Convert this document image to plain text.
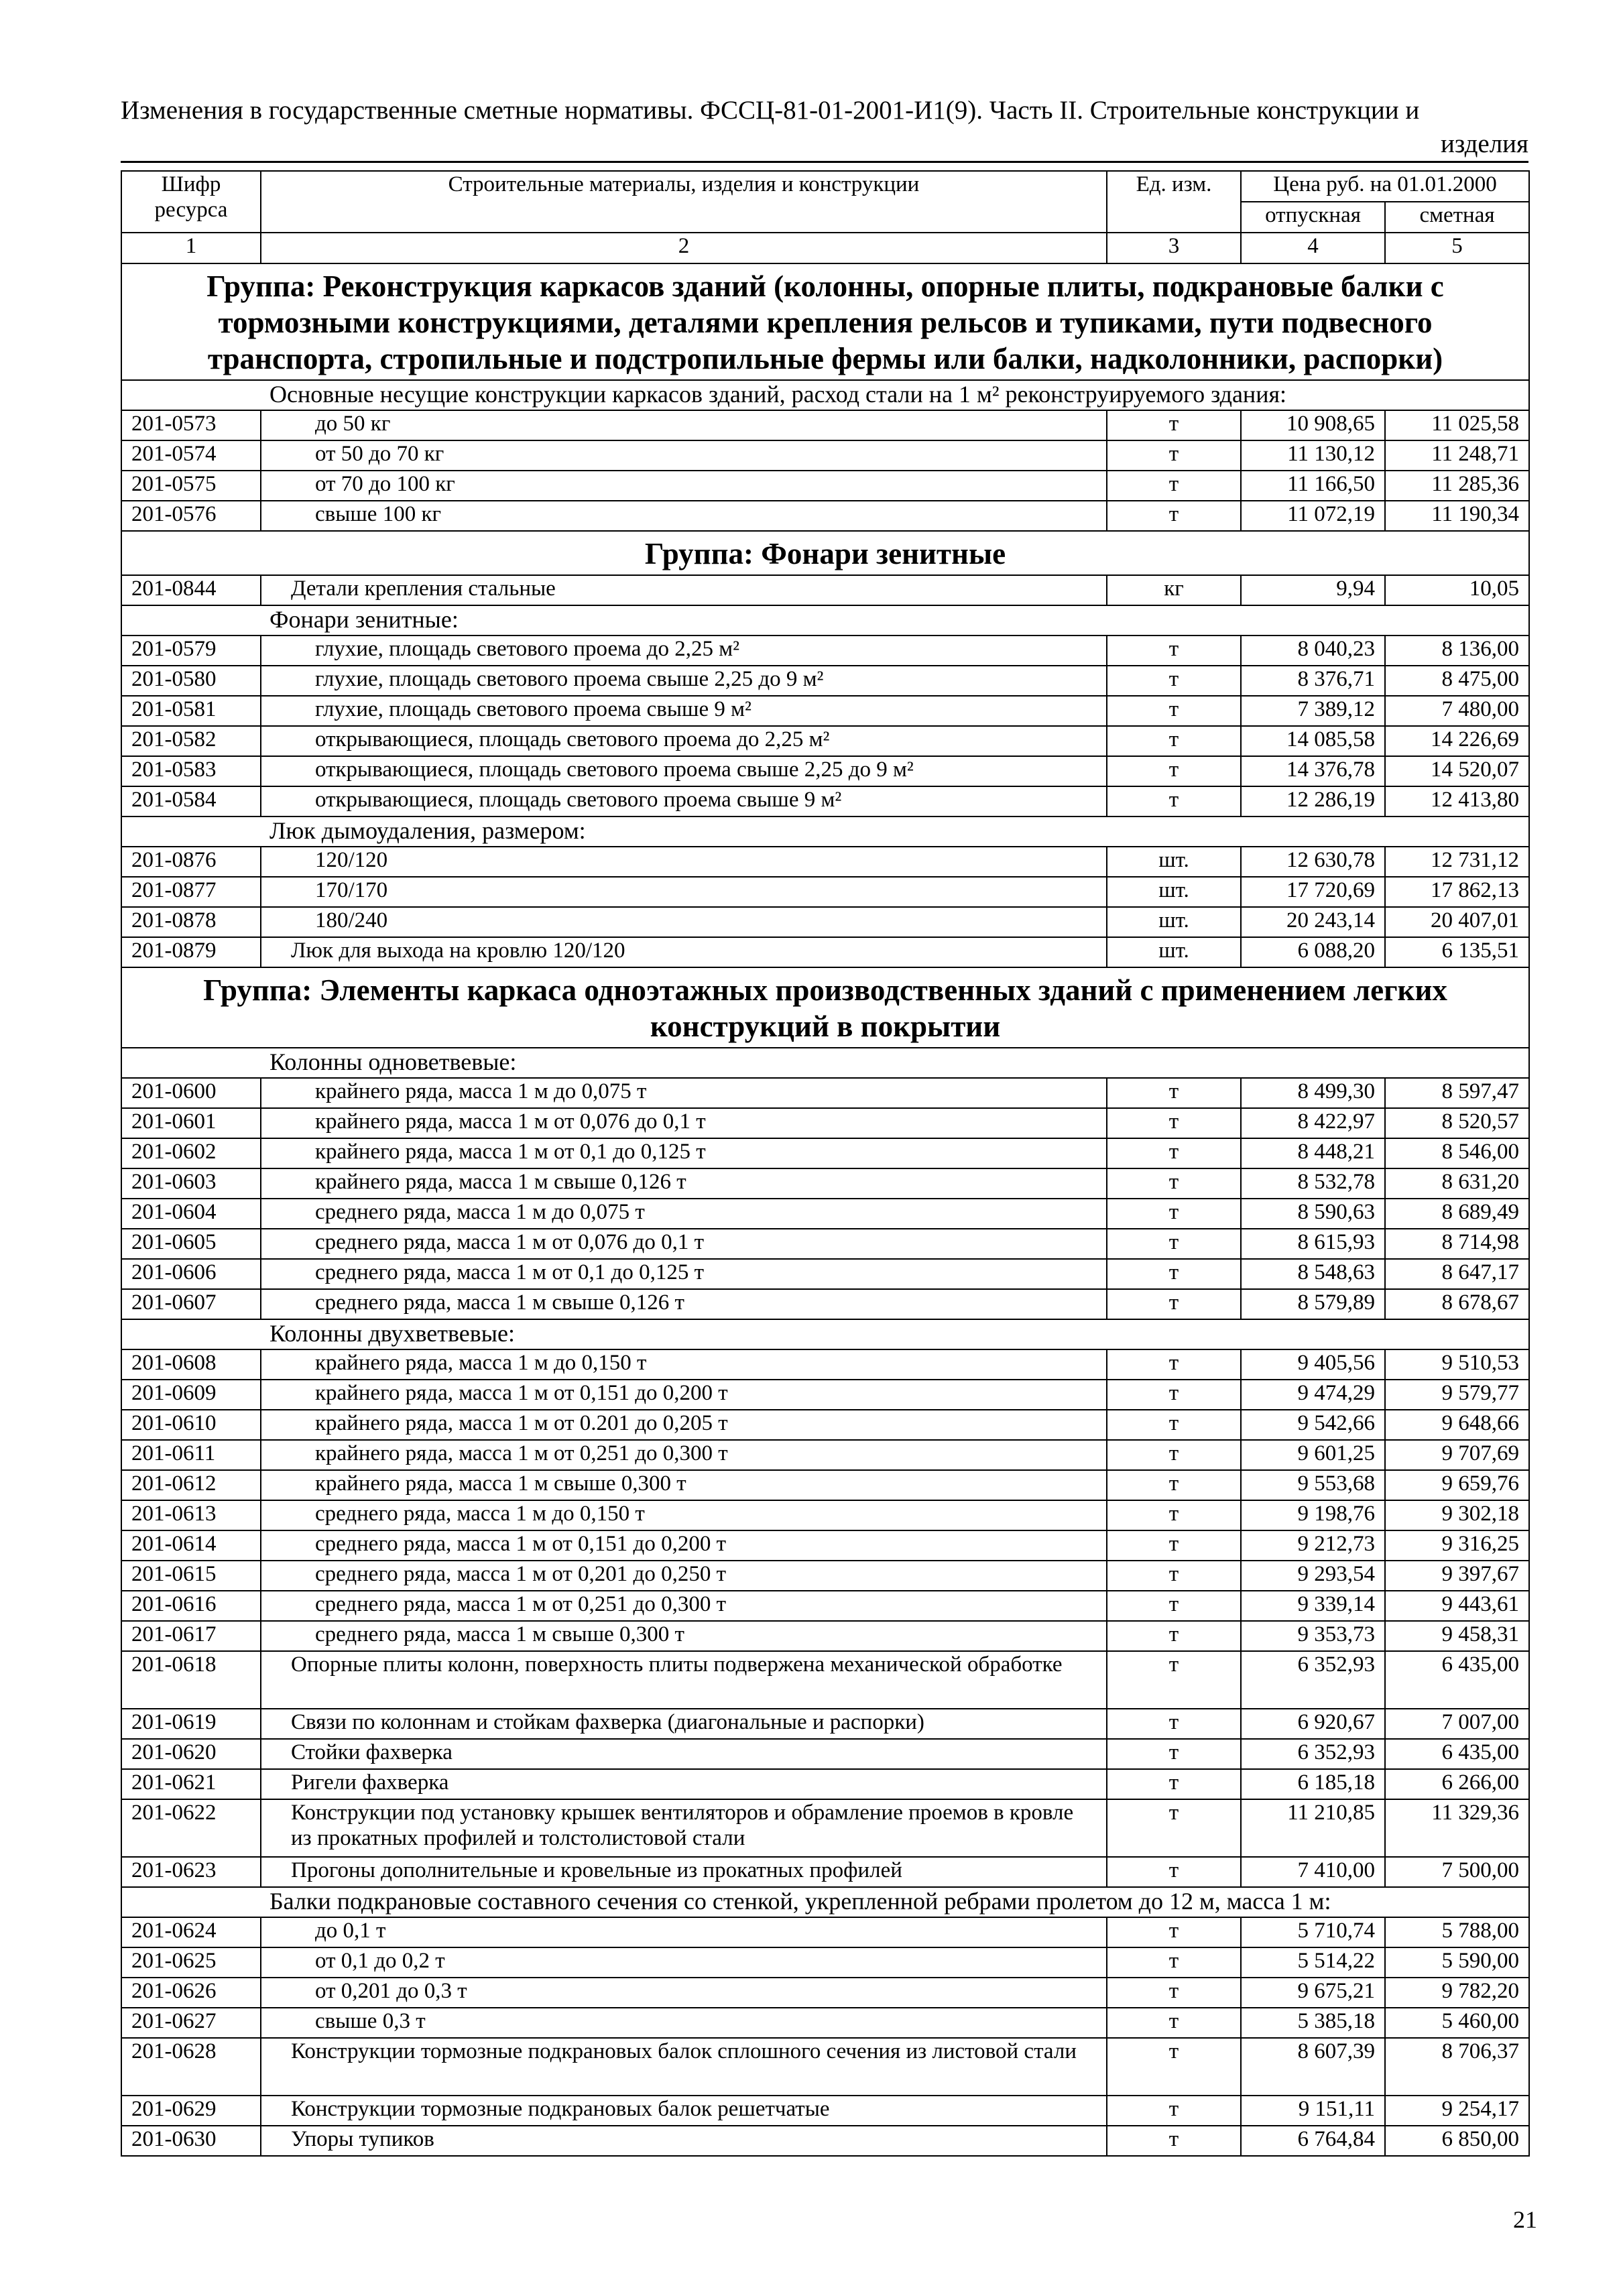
Изменения в государственные сметные нормативы. ФССЦ-81-01-2001-И1(9). Часть II. Строительные конструкции и
изделия
Шифр ресурса	Строительные материалы, изделия и конструкции	Ед. изм.	Цена руб. на 01.01.2000	
			отпускная	сметная
1	2	3	4	5
Группа: Реконструкция каркасов зданий (колонны, опорные плиты, подкрановые балки с тормозными конструкциями, деталями крепления рельсов и тупиками, пути подвесного транспорта, стропильные и подстропильные фермы или балки, надколонники, распорки)				
Основные несущие конструкции каркасов зданий, расход стали на 1 м² реконструируемого здания:				
201-0573	до 50 кг	т	10 908,65	11 025,58
201-0574	от 50 до 70 кг	т	11 130,12	11 248,71
201-0575	от 70 до 100 кг	т	11 166,50	11 285,36
201-0576	свыше 100 кг	т	11 072,19	11 190,34
Группа: Фонари зенитные				
201-0844	Детали крепления стальные	кг	9,94	10,05
Фонари зенитные:				
201-0579	глухие, площадь светового проема до 2,25 м²	т	8 040,23	8 136,00
201-0580	глухие, площадь светового проема свыше 2,25 до 9 м²	т	8 376,71	8 475,00
201-0581	глухие, площадь светового проема свыше 9 м²	т	7 389,12	7 480,00
201-0582	открывающиеся, площадь светового проема до 2,25 м²	т	14 085,58	14 226,69
201-0583	открывающиеся, площадь светового проема свыше 2,25 до 9 м²	т	14 376,78	14 520,07
201-0584	открывающиеся, площадь светового проема свыше 9 м²	т	12 286,19	12 413,80
Люк дымоудаления, размером:				
201-0876	120/120	шт.	12 630,78	12 731,12
201-0877	170/170	шт.	17 720,69	17 862,13
201-0878	180/240	шт.	20 243,14	20 407,01
201-0879	Люк для выхода на кровлю 120/120	шт.	6 088,20	6 135,51
Группа: Элементы каркаса одноэтажных производственных зданий с применением легких конструкций в покрытии				
Колонны одноветвевые:				
201-0600	крайнего ряда, масса 1 м до 0,075 т	т	8 499,30	8 597,47
201-0601	крайнего ряда, масса 1 м от 0,076 до 0,1 т	т	8 422,97	8 520,57
201-0602	крайнего ряда, масса 1 м от 0,1 до 0,125 т	т	8 448,21	8 546,00
201-0603	крайнего ряда, масса 1 м свыше 0,126 т	т	8 532,78	8 631,20
201-0604	среднего ряда, масса 1 м до 0,075 т	т	8 590,63	8 689,49
201-0605	среднего ряда, масса 1 м от 0,076 до 0,1 т	т	8 615,93	8 714,98
201-0606	среднего ряда, масса 1 м от 0,1 до 0,125 т	т	8 548,63	8 647,17
201-0607	среднего ряда, масса 1 м свыше 0,126 т	т	8 579,89	8 678,67
Колонны двухветвевые:				
201-0608	крайнего ряда, масса 1 м до 0,150 т	т	9 405,56	9 510,53
201-0609	крайнего ряда, масса 1 м от 0,151 до 0,200 т	т	9 474,29	9 579,77
201-0610	крайнего ряда, масса 1 м от 0.201 до 0,205 т	т	9 542,66	9 648,66
201-0611	крайнего ряда, масса 1 м от 0,251 до 0,300 т	т	9 601,25	9 707,69
201-0612	крайнего ряда, масса 1 м свыше 0,300 т	т	9 553,68	9 659,76
201-0613	среднего ряда, масса 1 м до 0,150 т	т	9 198,76	9 302,18
201-0614	среднего ряда, масса 1 м от 0,151 до 0,200 т	т	9 212,73	9 316,25
201-0615	среднего ряда, масса 1 м от 0,201 до 0,250 т	т	9 293,54	9 397,67
201-0616	среднего ряда, масса 1 м от 0,251 до 0,300 т	т	9 339,14	9 443,61
201-0617	среднего ряда, масса 1 м свыше 0,300 т	т	9 353,73	9 458,31
201-0618	Опорные плиты колонн, поверхность плиты подвержена механической обработке	т	6 352,93	6 435,00
201-0619	Связи по колоннам и стойкам фахверка (диагональные и распорки)	т	6 920,67	7 007,00
201-0620	Стойки фахверка	т	6 352,93	6 435,00
201-0621	Ригели фахверка	т	6 185,18	6 266,00
201-0622	Конструкции под установку крышек вентиляторов и обрамление проемов в кровле из прокатных профилей и толстолистовой стали	т	11 210,85	11 329,36
201-0623	Прогоны дополнительные и кровельные из прокатных профилей	т	7 410,00	7 500,00
Балки подкрановые составного сечения со стенкой, укрепленной ребрами пролетом до 12 м, масса 1 м:				
201-0624	до 0,1 т	т	5 710,74	5 788,00
201-0625	от 0,1 до 0,2 т	т	5 514,22	5 590,00
201-0626	от 0,201 до 0,3 т	т	9 675,21	9 782,20
201-0627	свыше 0,3 т	т	5 385,18	5 460,00
201-0628	Конструкции тормозные подкрановых балок сплошного сечения из листовой стали	т	8 607,39	8 706,37
201-0629	Конструкции тормозные подкрановых балок решетчатые	т	9 151,11	9 254,17
201-0630	Упоры тупиков	т	6 764,84	6 850,00
21
